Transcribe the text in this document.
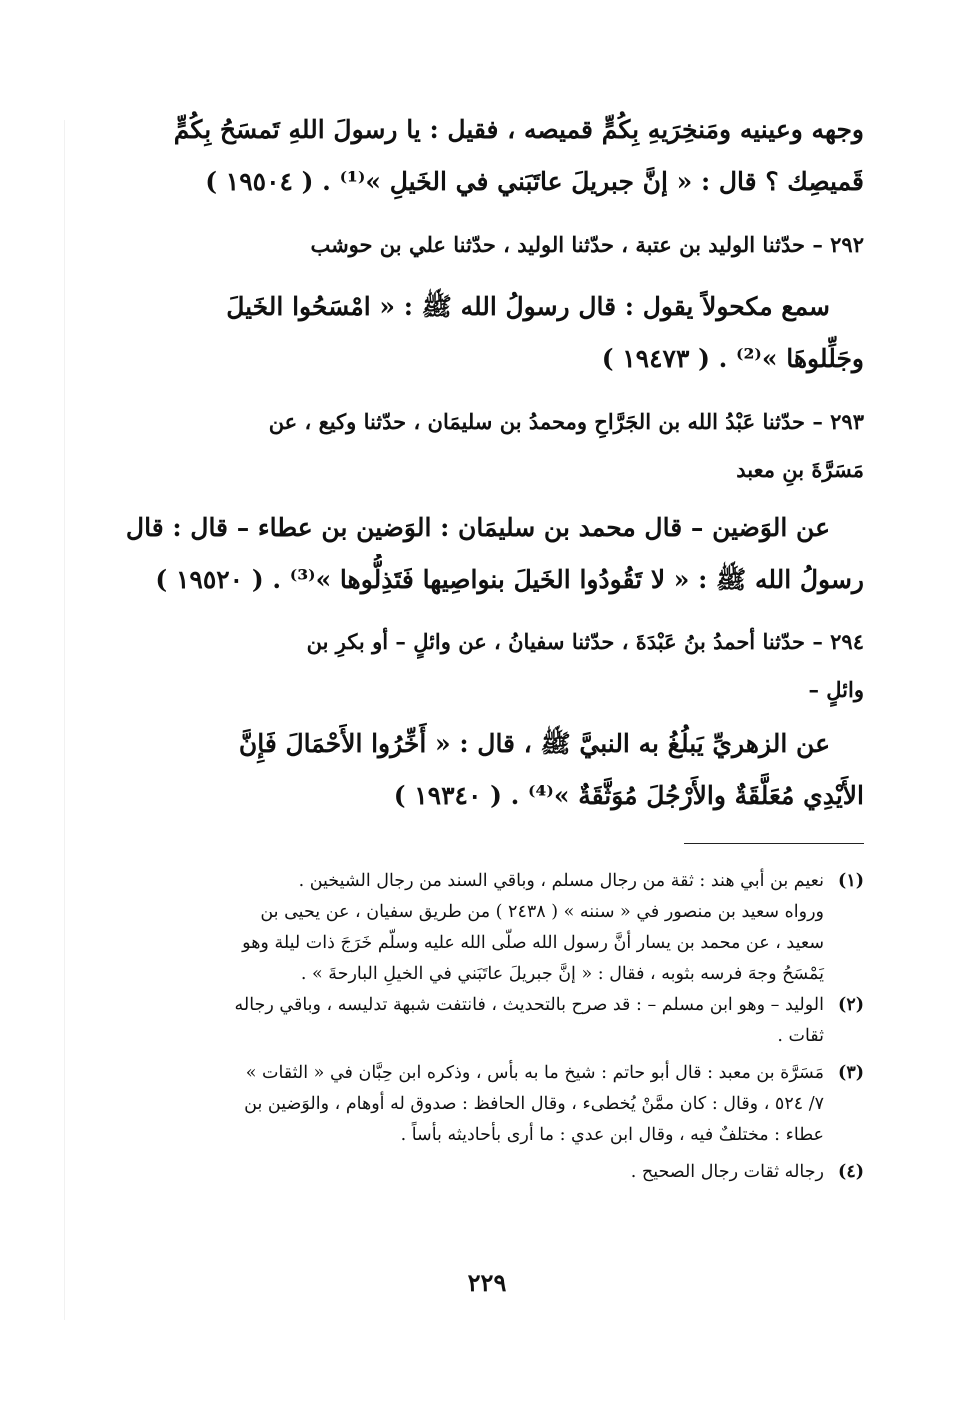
وجهه وعينيه ومَنخِرَيهِ بِكُمٍّ قميصه ، فقيل : يا رسولَ اللهِ تَمسَحُ بِكُمٍّ
قَميصِك ؟ قال : « إنَّ جبريلَ عاتَبَني في الخَيلِ »⁽¹⁾ . ( ١٩٥٠٤ )
٢٩٢ – حدّثنا الوليد بن عتبة ، حدّثنا الوليد ، حدّثنا علي بن حوشب
سمع مكحولاً يقول : قال رسولُ الله ﷺ : « امْسَحُوا الخَيلَ
وجَلِّلوهَا »⁽²⁾ . ( ١٩٤٧٣ )
٢٩٣ – حدّثنا عَبْدُ الله بن الجَرَّاحِ ومحمدُ بن سليمَان ، حدّثنا وكيع ، عن
مَسَرَّةَ بنِ معبد
عن الوَضين – قال محمد بن سليمَان : الوَضين بن عطاء – قال : قال
رسولُ الله ﷺ : « لا تَقُودُوا الخَيلَ بنواصِيها فَتَذِلُّوها »⁽³⁾ . ( ١٩٥٢٠ )
٢٩٤ – حدّثنا أحمدُ بنُ عَبْدَةَ ، حدّثنا سفيانُ ، عن وائلٍ – أو بكرِ بن
وائلٍ –
عن الزهريِّ يَبلُغُ به النبيَّ ﷺ ، قال : « أَخِّرُوا الأَحْمَالَ فَإِنَّ
الأَيْدِي مُعَلَّقَةٌ والأَرْجُلَ مُوَثَّقَةٌ »⁽⁴⁾ . ( ١٩٣٤٠ )
(١)نعيم بن أبي هند : ثقة من رجال مسلم ، وباقي السند من رجال الشيخين .
ورواه سعيد بن منصور في « سننه » ( ٢٤٣٨ ) من طريق سفيان ، عن يحيى بن
سعيد ، عن محمد بن يسار أنَّ رسول الله صلّى الله عليه وسلّم خَرَجَ ذات ليلة وهو
يَمْسَحُ وجهَ فرسه بثوبه ، فقال : « إنَّ جبريلَ عاتَبَني في الخيلِ البارحةَ » .
(٢)الوليد – وهو ابن مسلم – : قد صرح بالتحديث ، فانتفت شبهة تدليسه ، وباقي رجاله
ثقات .
(٣)مَسَرَّة بن معبد : قال أبو حاتم : شيخ ما به بأس ، وذكره ابن حِبَّان في « الثقات »
٧/ ٥٢٤ ، وقال : كان ممَّنْ يُخطىء ، وقال الحافظ : صدوق له أوهام ، والوَضين بن
عطاء : مختلفٌ فيه ، وقال ابن عدي : ما أرى بأحاديثه بأساً .
(٤)رجاله ثقات رجال الصحيح .
٢٢٩
